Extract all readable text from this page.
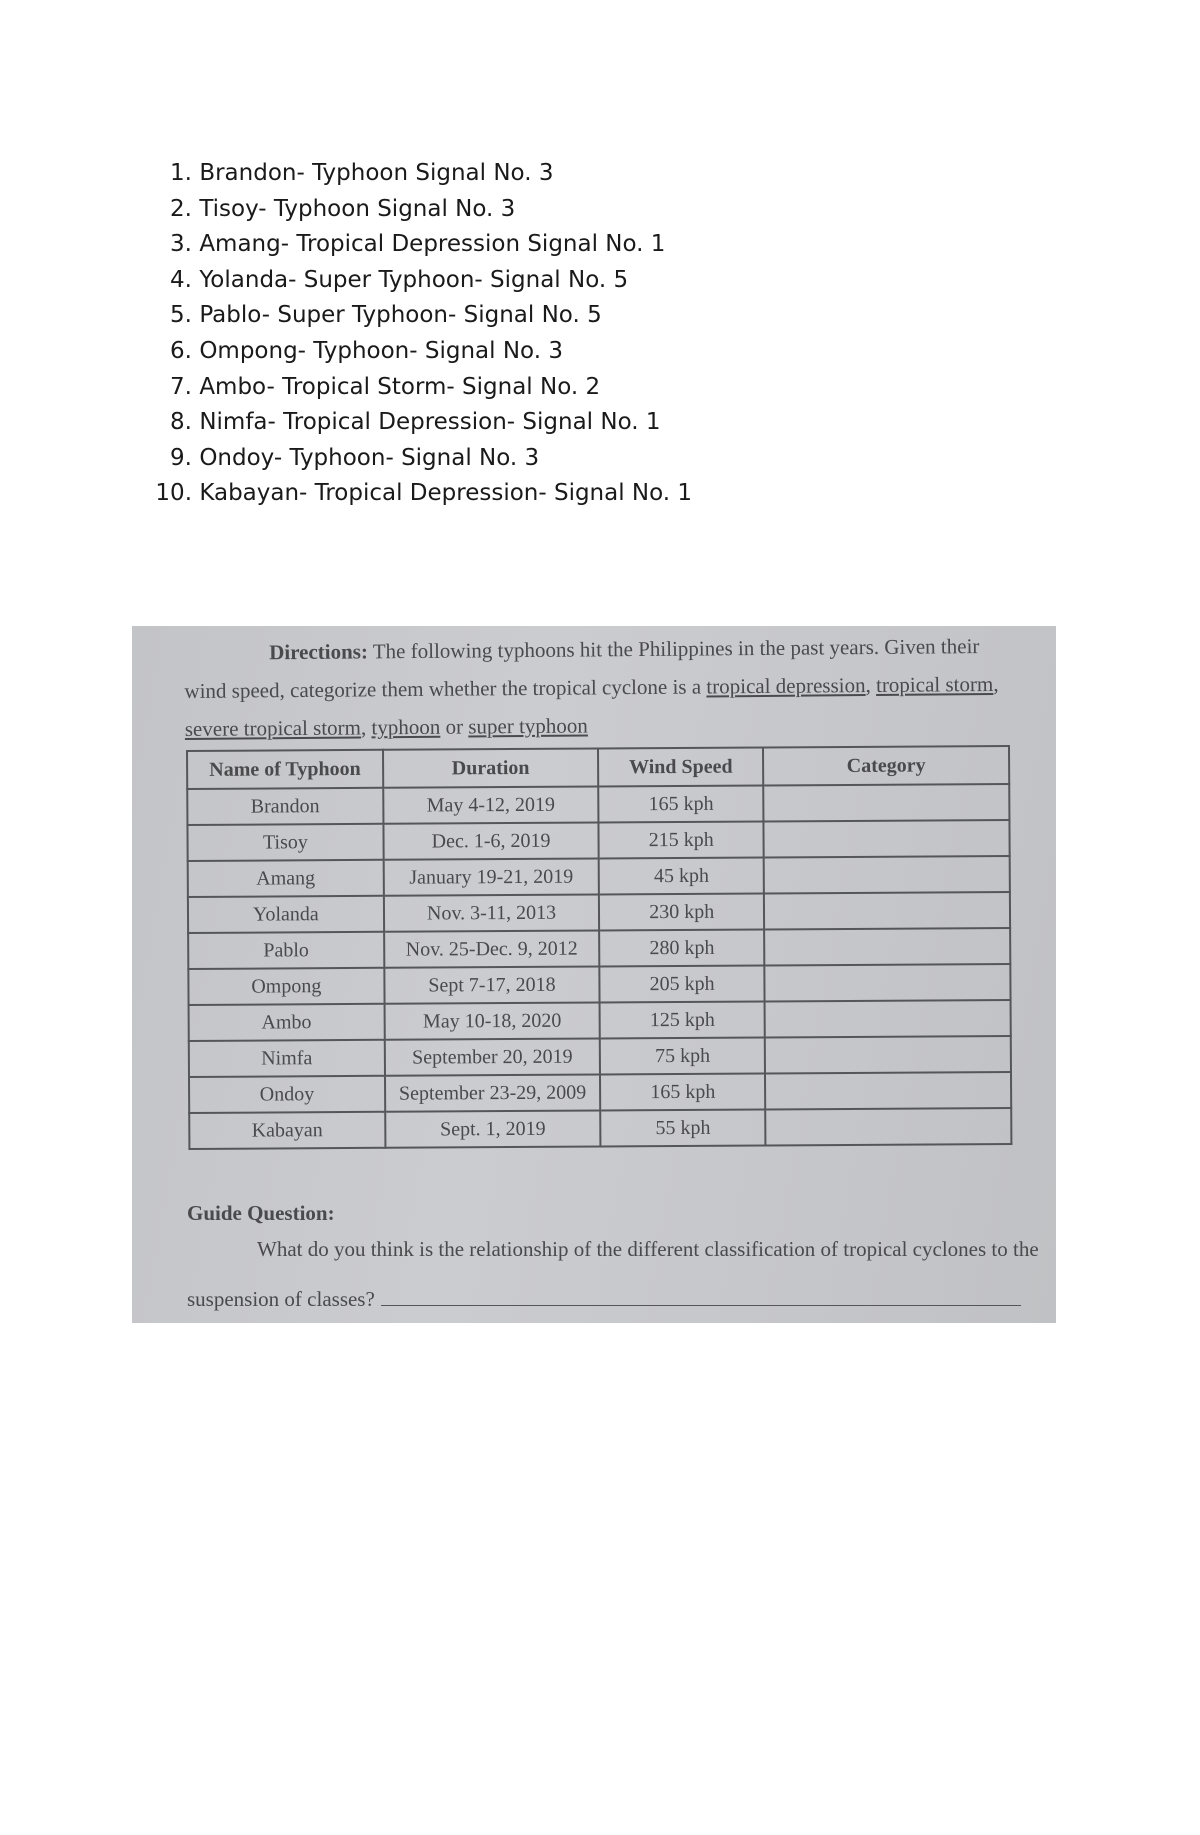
1. Brandon- Typhoon Signal No. 3
2. Tisoy- Typhoon Signal No. 3
3. Amang- Tropical Depression Signal No. 1
4. Yolanda- Super Typhoon- Signal No. 5
5. Pablo- Super Typhoon- Signal No. 5
6. Ompong- Typhoon- Signal No. 3
7. Ambo- Tropical Storm- Signal No. 2
8. Nimfa- Tropical Depression- Signal No. 1
9. Ondoy- Typhoon- Signal No. 3
10. Kabayan- Tropical Depression- Signal No. 1
Directions: The following typhoons hit the Philippines in the past years. Given their wind speed, categorize them whether the tropical cyclone is a tropical depression, tropical storm, severe tropical storm, typhoon or super typhoon
Name of Typhoon	Duration	Wind Speed	Category
Brandon	May 4-12, 2019	165 kph	
Tisoy	Dec. 1-6, 2019	215 kph	
Amang	January 19-21, 2019	45 kph	
Yolanda	Nov. 3-11, 2013	230 kph	
Pablo	Nov. 25-Dec. 9, 2012	280 kph	
Ompong	Sept 7-17, 2018	205 kph	
Ambo	May 10-18, 2020	125 kph	
Nimfa	September 20, 2019	75 kph	
Ondoy	September 23-29, 2009	165 kph	
Kabayan	Sept. 1, 2019	55 kph	
Guide Question:
What do you think is the relationship of the different classification of tropical cyclones to the suspension of classes?
